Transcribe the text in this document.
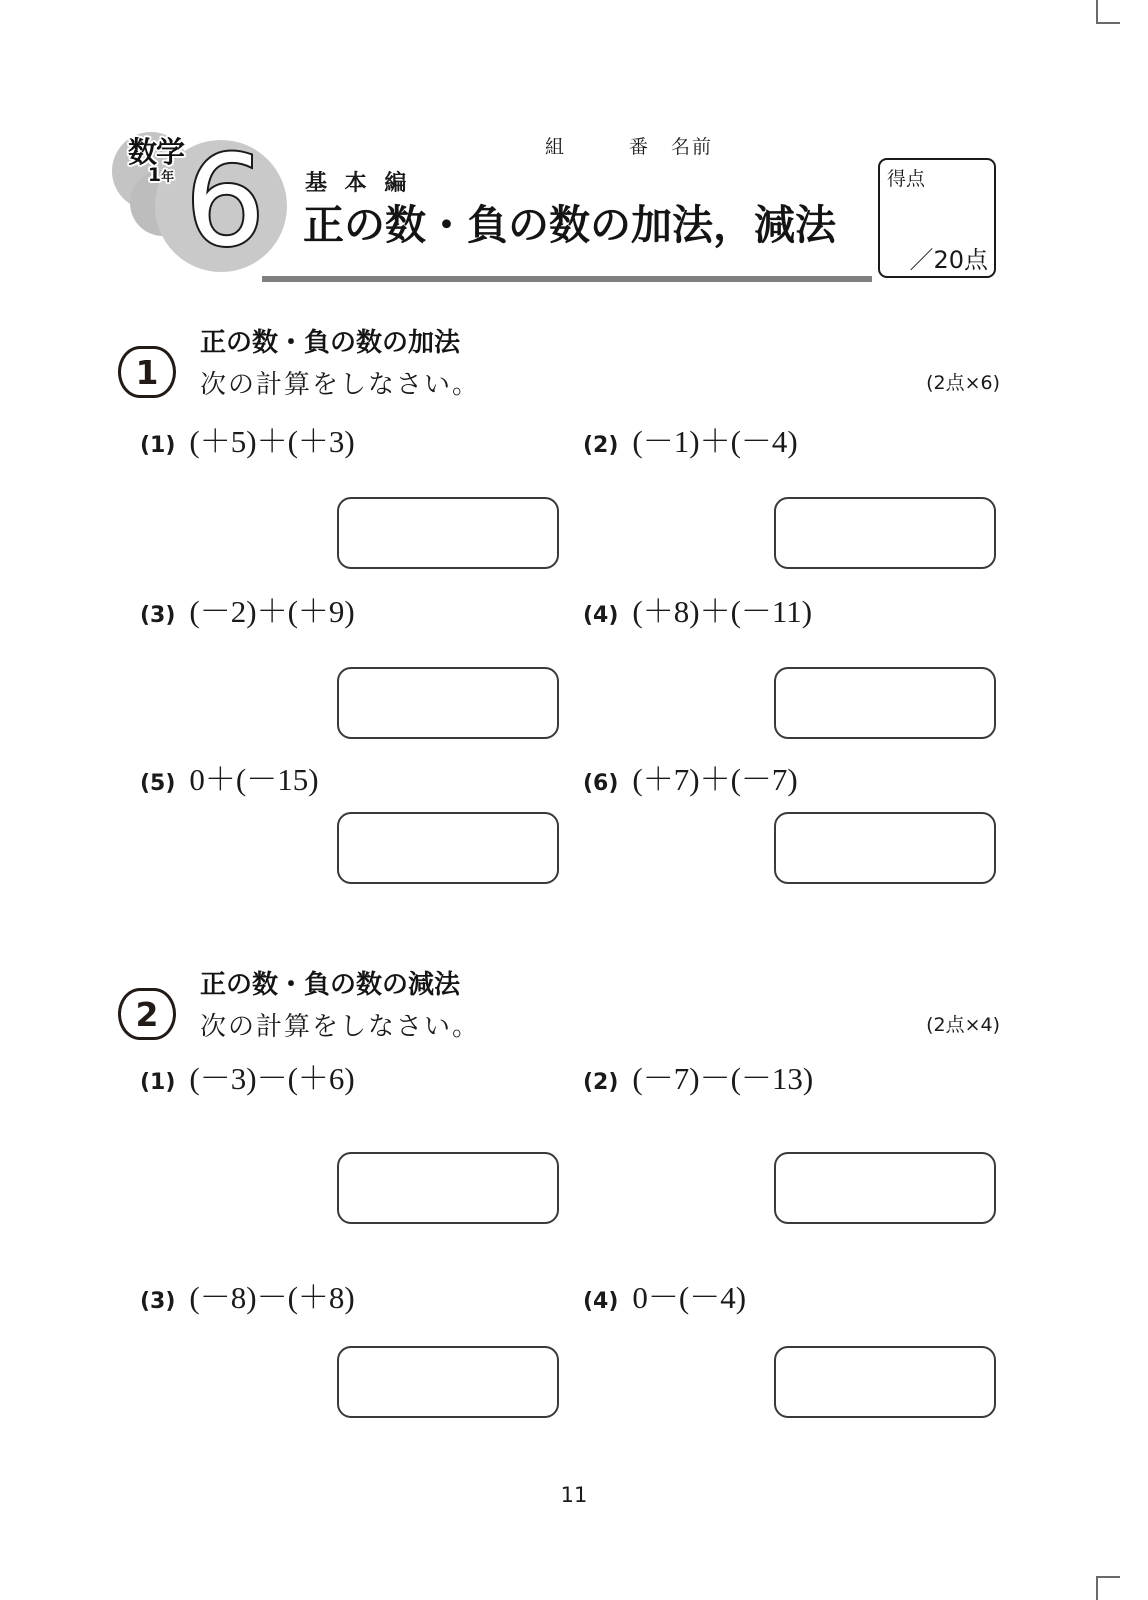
数学
1年 6	組　　　番　名前
基 本 編
正の数・負の数の加法，減法
得点
／20点
1
正の数・負の数の加法
次の計算をしなさい。	(2点×6)
(1) (＋5)＋(＋3)	(2) (－1)＋(－4)
(3) (－2)＋(＋9)	(4) (＋8)＋(－11)
(5) 0＋(－15)	(6) (＋7)＋(－7)
2
正の数・負の数の減法
次の計算をしなさい。	(2点×4)
(1) (－3)－(＋6)	(2) (－7)－(－13)
(3) (－8)－(＋8)	(4) 0－(－4)
11
